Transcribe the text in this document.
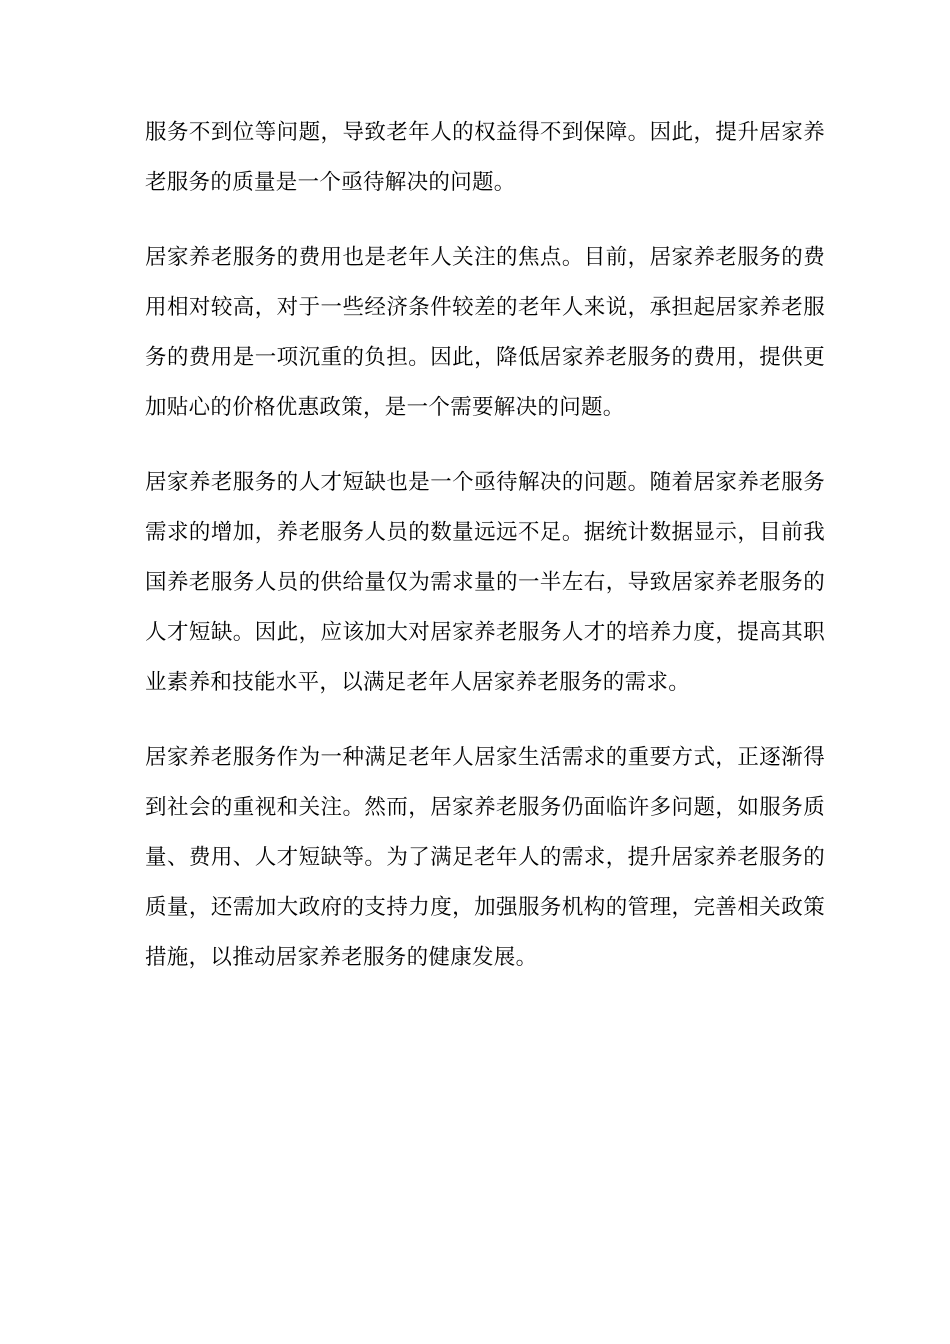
服务不到位等问题，导致老年人的权益得不到保障。因此，提升居家养老服务的质量是一个亟待解决的问题。

居家养老服务的费用也是老年人关注的焦点。目前，居家养老服务的费用相对较高，对于一些经济条件较差的老年人来说，承担起居家养老服务的费用是一项沉重的负担。因此，降低居家养老服务的费用，提供更加贴心的价格优惠政策，是一个需要解决的问题。

居家养老服务的人才短缺也是一个亟待解决的问题。随着居家养老服务需求的增加，养老服务人员的数量远远不足。据统计数据显示，目前我国养老服务人员的供给量仅为需求量的一半左右，导致居家养老服务的人才短缺。因此，应该加大对居家养老服务人才的培养力度，提高其职业素养和技能水平，以满足老年人居家养老服务的需求。

居家养老服务作为一种满足老年人居家生活需求的重要方式，正逐渐得到社会的重视和关注。然而，居家养老服务仍面临许多问题，如服务质量、费用、人才短缺等。为了满足老年人的需求，提升居家养老服务的质量，还需加大政府的支持力度，加强服务机构的管理，完善相关政策措施，以推动居家养老服务的健康发展。
